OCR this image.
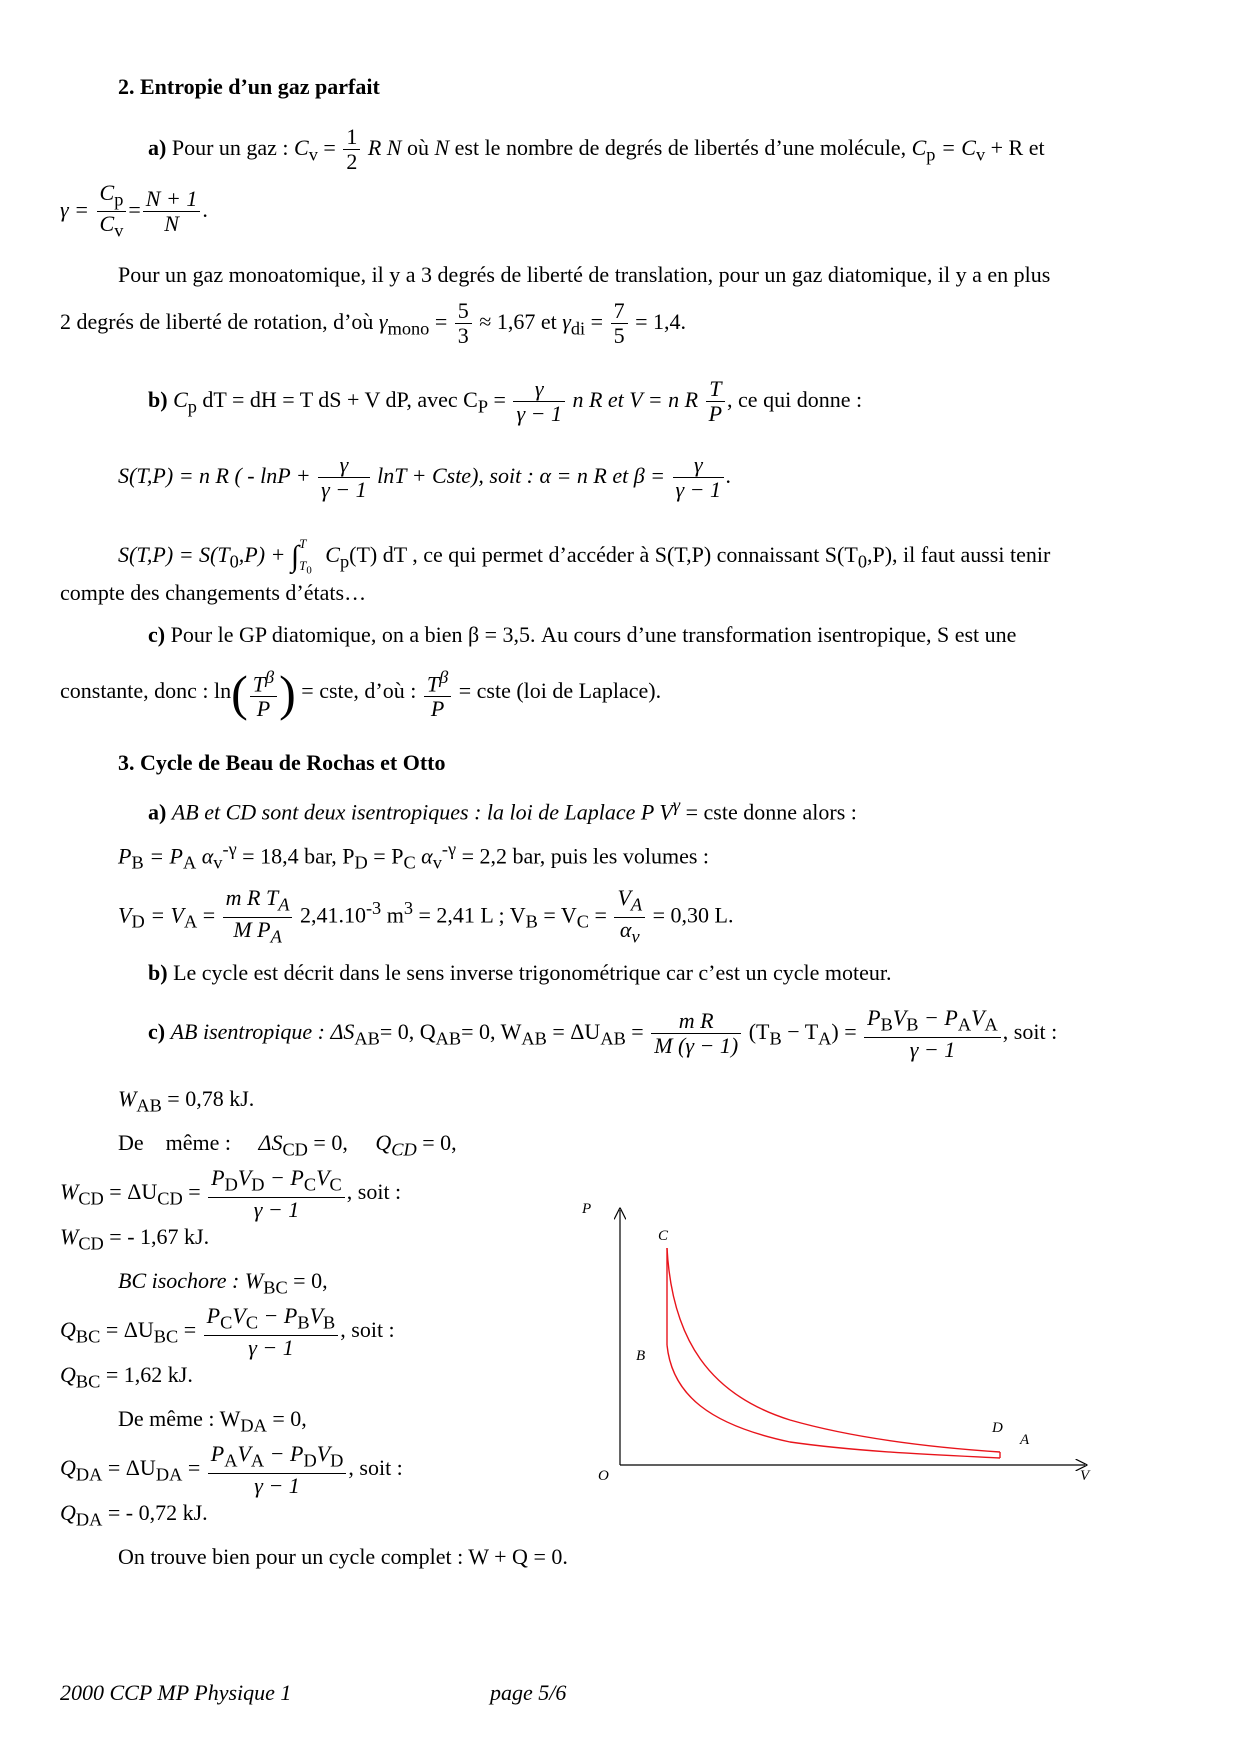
2. Entropie d’un gaz parfait
a) Pour un gaz : $C_v = \frac{1}{2}$ R N où N est le nombre de degrés de libertés d’une molécule, $C_p = C_v + R$ et
$\gamma = \frac{C_p}{C_v} = \frac{N + 1}{N}$ .
Pour un gaz monoatomique, il y a 3 degrés de liberté de translation, pour un gaz diatomique, il y a en plus
2 degrés de liberté de rotation, d’où $\gamma_{mono} = \frac{5}{3} \approx 1,67$ et $\gamma_{di} = \frac{7}{5} = 1,4$.
b) $C_p$ dT = dH = T dS + V dP, avec $C_P = \frac{\gamma}{\gamma - 1}$ n R et V = n R $\frac{T}{P}$ , ce qui donne :
S(T,P) = n R ( - $\ln P + \frac{\gamma}{\gamma - 1}$ lnT + Cste), soit : α = n R et $\beta = \frac{\gamma}{\gamma - 1}$ .
$S(T,P) = S(T_0,P)$ + ∫ T
$T_0$
$C_p(T)$ dT , ce qui permet d’accéder à S(T,P) connaissant $S(T_0,P)$, il faut aussi tenir
compte des changements d’états…
c) Pour le GP diatomique, on a bien β = 3,5. Au cours d’une transformation isentropique, S est une
constante, donc : $\ln( \frac{T^\beta}{P}$ ) = cste, d’où : $\frac{T^\beta}{P}$ = cste (loi de Laplace).
3. Cycle de Beau de Rochas et Otto
a) AB et CD sont deux isentropiques : la loi de Laplace P $V^\gamma$ = cste donne alors :
$P_B = P_A$ $\alpha_v^{-\gamma} = 18,4$ bar, $P_D = P_C$ $\alpha_v^{-\gamma} = 2,2$ bar, puis les volumes :
$V_D = V_A = \frac{m R T_A}{M P_A} 2,41.10^{-3}$ $m^3 = 2,41$ L ; $V_B = V_C = \frac{V_A}{\alpha_v} = 0,30$ L.
b) Le cycle est décrit dans le sens inverse trigonométrique car c’est un cycle moteur.
c) AB isentropique : $\Delta S_{AB}= 0$, $Q_{AB}= 0$, $W_{AB} = \Delta U_{AB} = \frac{\text{m R}}{M (\gamma - 1)} (T_B - T_A) = \frac{P_BV_B - P_AV_A}{\gamma - 1}$ , soit :
$W_{AB} = 0,78$ kJ.
De même : $\Delta S_{CD} = 0$, $Q_{CD} = 0$,
$W_{CD} = \Delta U_{CD} = \frac{P_DV_D - P_CV_C}{\gamma - 1}$ , soit :
$W_{CD}$ = - 1,67 kJ.
BC isochore : $W_{BC} = 0$,
$Q_{BC} = \Delta U_{BC} = \frac{P_CV_C - P_BV_B}{\gamma - 1}$ , soit :
$Q_{BC} = 1,62$ kJ.
De même : $W_{DA} = 0$,
$Q_{DA} = \Delta U_{DA} = \frac{P_AV_A - P_DV_D}{\gamma - 1}$ , soit :
$Q_{DA}$ = - 0,72 kJ.
On trouve bien pour un cycle complet : W + Q = 0.
P
V
O
C
B
D
A
2000 CCP MP Physique 1	page 5/6
